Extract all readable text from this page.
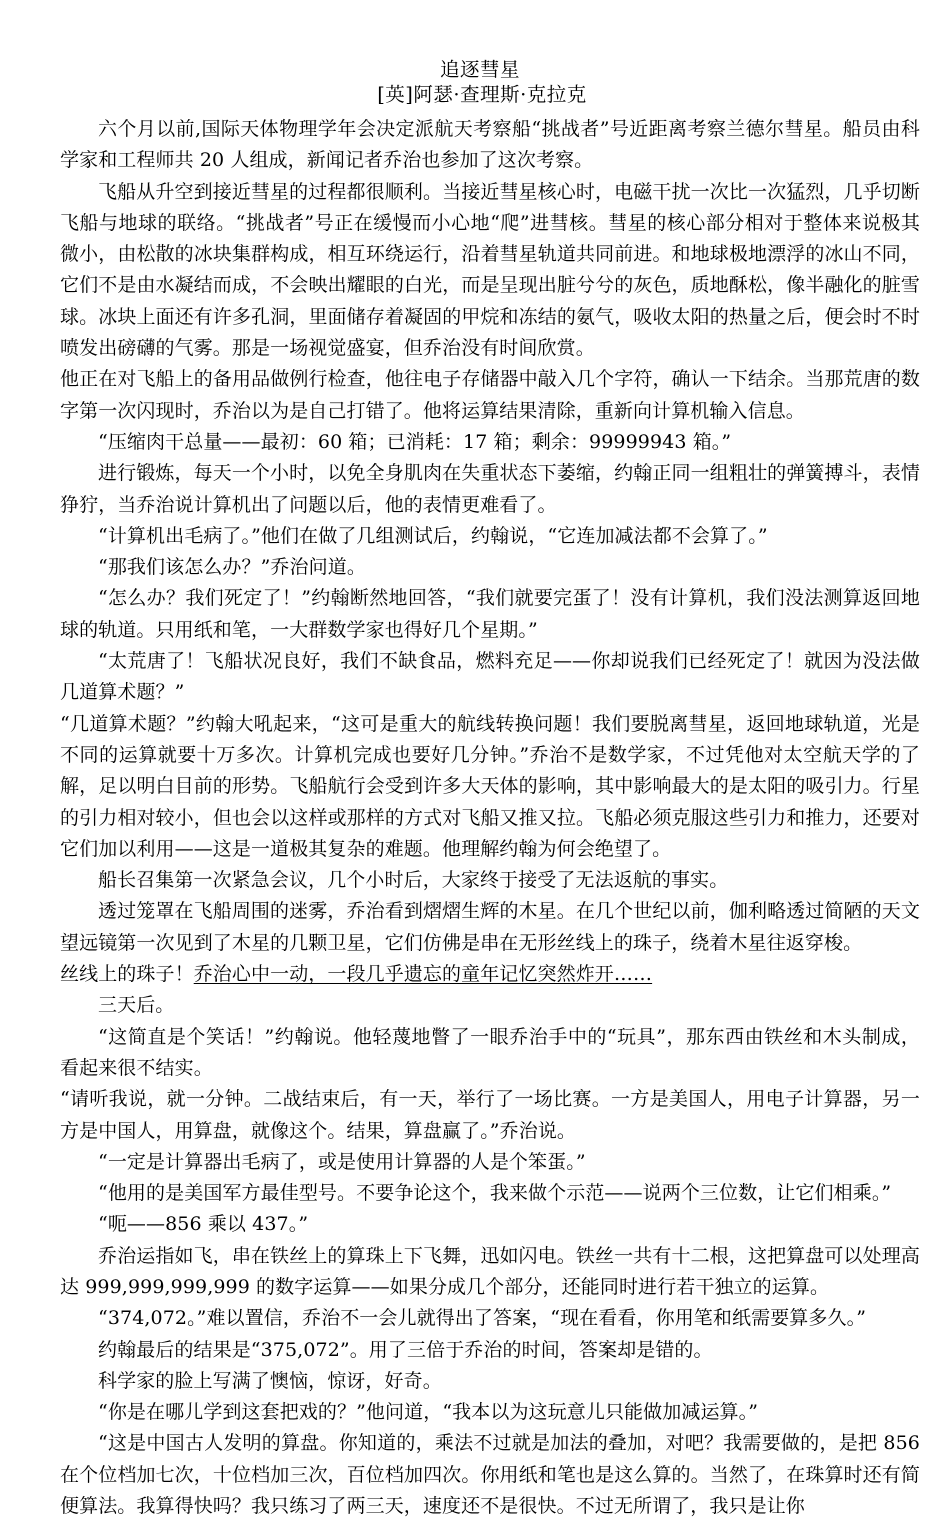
追逐彗星
[英]阿瑟·查理斯·克拉克

六个月以前,国际天体物理学年会决定派航天考察船“挑战者”号近距离考察兰德尔彗星。船员由科学家和工程师共 20 人组成，新闻记者乔治也参加了这次考察。

飞船从升空到接近彗星的过程都很顺利。当接近彗星核心时，电磁干扰一次比一次猛烈，几乎切断飞船与地球的联络。“挑战者”号正在缓慢而小心地“爬”进彗核。彗星的核心部分相对于整体来说极其微小，由松散的冰块集群构成，相互环绕运行，沿着彗星轨道共同前进。和地球极地漂浮的冰山不同，它们不是由水凝结而成，不会映出耀眼的白光，而是呈现出脏兮兮的灰色，质地酥松，像半融化的脏雪球。冰块上面还有许多孔洞，里面储存着凝固的甲烷和冻结的氨气，吸收太阳的热量之后，便会时不时喷发出磅礴的气雾。那是一场视觉盛宴，但乔治没有时间欣赏。

他正在对飞船上的备用品做例行检查，他往电子存储器中敲入几个字符，确认一下结余。当那荒唐的数字第一次闪现时，乔治以为是自己打错了。他将运算结果清除，重新向计算机输入信息。

“压缩肉干总量——最初：60 箱；已消耗：17 箱；剩余：99999943 箱。”

进行锻炼，每天一个小时，以免全身肌肉在失重状态下萎缩，约翰正同一组粗壮的弹簧搏斗，表情狰狞，当乔治说计算机出了问题以后，他的表情更难看了。

“计算机出毛病了。”他们在做了几组测试后，约翰说，“它连加减法都不会算了。”

“那我们该怎么办？”乔治问道。

“怎么办？我们死定了！”约翰断然地回答，“我们就要完蛋了！没有计算机，我们没法测算返回地球的轨道。只用纸和笔，一大群数学家也得好几个星期。”

“太荒唐了！飞船状况良好，我们不缺食品，燃料充足——你却说我们已经死定了！就因为没法做几道算术题？”

“几道算术题？”约翰大吼起来，“这可是重大的航线转换问题！我们要脱离彗星，返回地球轨道，光是不同的运算就要十万多次。计算机完成也要好几分钟。”乔治不是数学家，不过凭他对太空航天学的了解，足以明白目前的形势。飞船航行会受到许多大天体的影响，其中影响最大的是太阳的吸引力。行星的引力相对较小，但也会以这样或那样的方式对飞船又推又拉。飞船必须克服这些引力和推力，还要对它们加以利用——这是一道极其复杂的难题。他理解约翰为何会绝望了。

船长召集第一次紧急会议，几个小时后，大家终于接受了无法返航的事实。

透过笼罩在飞船周围的迷雾，乔治看到熠熠生辉的木星。在几个世纪以前，伽利略透过简陋的天文望远镜第一次见到了木星的几颗卫星，它们仿佛是串在无形丝线上的珠子，绕着木星往返穿梭。

丝线上的珠子！乔治心中一动，一段几乎遗忘的童年记忆突然炸开……

三天后。

“这简直是个笑话！”约翰说。他轻蔑地瞥了一眼乔治手中的“玩具”，那东西由铁丝和木头制成，看起来很不结实。

“请听我说，就一分钟。二战结束后，有一天，举行了一场比赛。一方是美国人，用电子计算器，另一方是中国人，用算盘，就像这个。结果，算盘赢了。”乔治说。

“一定是计算器出毛病了，或是使用计算器的人是个笨蛋。”

“他用的是美国军方最佳型号。不要争论这个，我来做个示范——说两个三位数，让它们相乘。”

“呃——856 乘以 437。”

乔治运指如飞，串在铁丝上的算珠上下飞舞，迅如闪电。铁丝一共有十二根，这把算盘可以处理高达 999,999,999,999 的数字运算——如果分成几个部分，还能同时进行若干独立的运算。

“374,072。”难以置信，乔治不一会儿就得出了答案，“现在看看，你用笔和纸需要算多久。”

约翰最后的结果是“375,072”。用了三倍于乔治的时间，答案却是错的。

科学家的脸上写满了懊恼，惊讶，好奇。

“你是在哪儿学到这套把戏的？”他问道，“我本以为这玩意儿只能做加减运算。”

“这是中国古人发明的算盘。你知道的，乘法不过就是加法的叠加，对吧？我需要做的，是把 856 在个位档加七次，十位档加三次，百位档加四次。你用纸和笔也是这么算的。当然了，在珠算时还有简便算法。我算得快吗？我只练习了两三天，速度还不是很快。不过无所谓了，我只是让你
